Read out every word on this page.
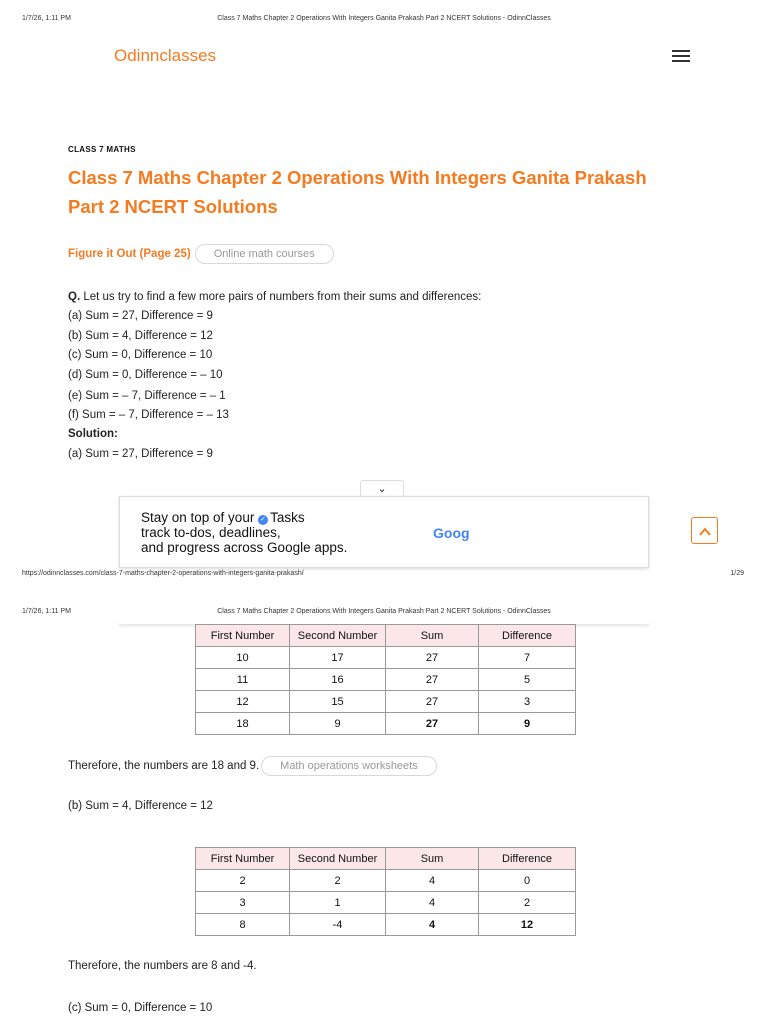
1/7/26, 1:11 PM	Class 7 Maths Chapter 2 Operations With Integers Ganita Prakash Part 2 NCERT Solutions - OdinnClasses
Odinnclasses
CLASS 7 MATHS
Class 7 Maths Chapter 2 Operations With Integers Ganita Prakash
Part 2 NCERT Solutions
Figure it Out (Page 25)	Online math courses
Q. Let us try to find a few more pairs of numbers from their sums and differences:
(a) Sum = 27, Difference = 9
(b) Sum = 4, Difference = 12
(c) Sum = 0, Difference = 10
(d) Sum = 0, Difference = – 10
(e) Sum = – 7, Difference = – 1
(f) Sum = – 7, Difference = – 13
Solution:
(a) Sum = 27, Difference = 9
⌄
Stay on top of your ✓ Tasks
track to-dos, deadlines,
and progress across Google apps.
Goog
https://odinnclasses.com/class-7-maths-chapter-2-operations-with-integers-ganita-prakash/	1/29
1/7/26, 1:11 PM	Class 7 Maths Chapter 2 Operations With Integers Ganita Prakash Part 2 NCERT Solutions - OdinnClasses
First Number	Second Number	Sum	Difference
10	17	27	7
11	16	27	5
12	15	27	3
18	9	27	9
Therefore, the numbers are 18 and 9.	Math operations worksheets
(b) Sum = 4, Difference = 12
First Number	Second Number	Sum	Difference
2	2	4	0
3	1	4	2
8	-4	4	12
Therefore, the numbers are 8 and -4.
(c) Sum = 0, Difference = 10
